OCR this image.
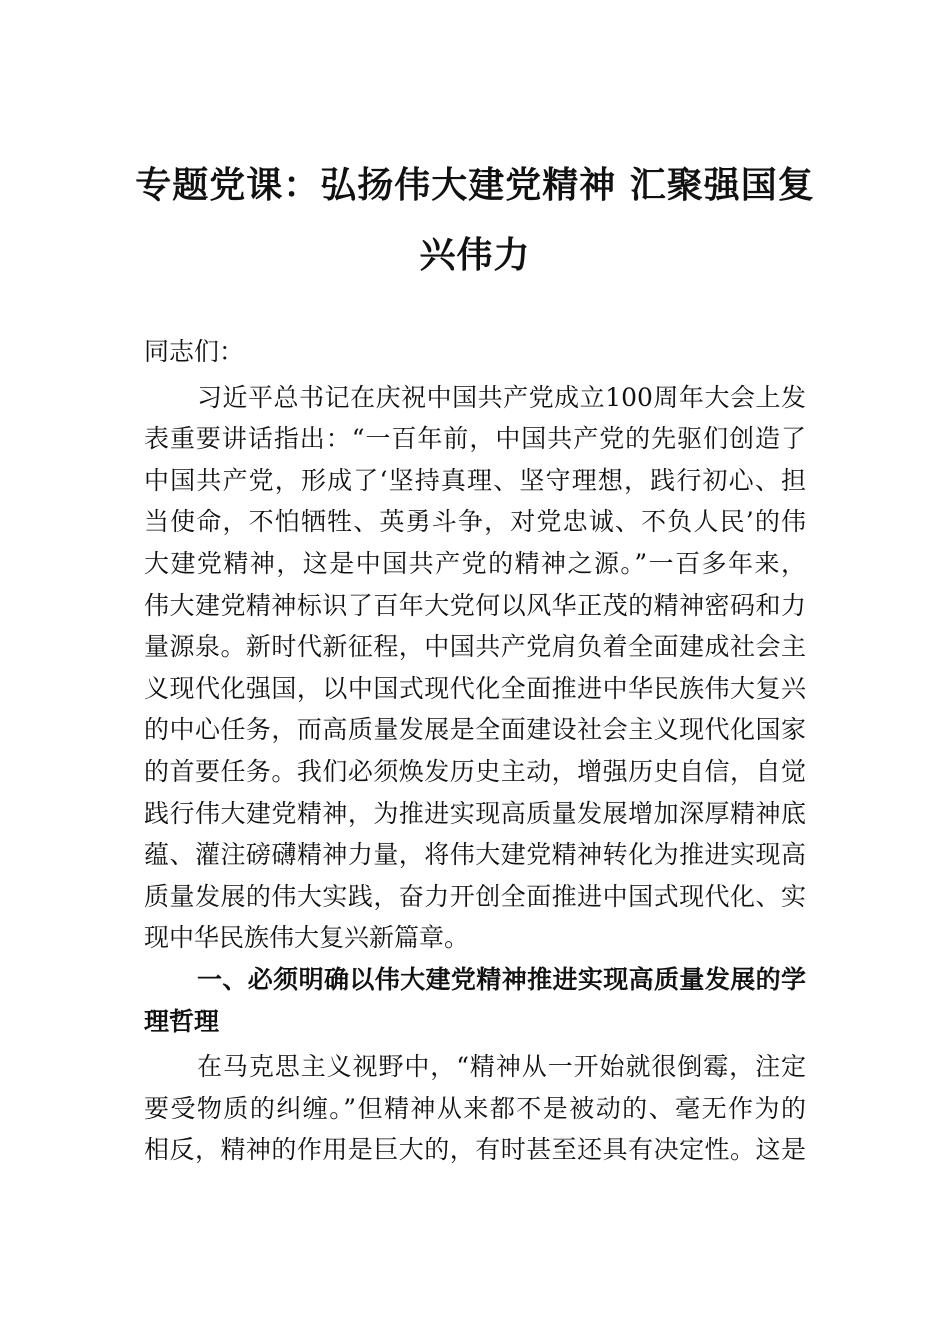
专题党课：弘扬伟大建党精神 汇聚强国复
兴伟力
同志们：
习近平总书记在庆祝中国共产党成立100周年大会上发
表重要讲话指出：“一百年前，中国共产党的先驱们创造了
中国共产党，形成了‘坚持真理、坚守理想，践行初心、担
当使命，不怕牺牲、英勇斗争，对党忠诚、不负人民’的伟
大建党精神，这是中国共产党的精神之源。”一百多年来，
伟大建党精神标识了百年大党何以风华正茂的精神密码和力
量源泉。新时代新征程，中国共产党肩负着全面建成社会主
义现代化强国，以中国式现代化全面推进中华民族伟大复兴
的中心任务，而高质量发展是全面建设社会主义现代化国家
的首要任务。我们必须焕发历史主动，增强历史自信，自觉
践行伟大建党精神，为推进实现高质量发展增加深厚精神底
蕴、灌注磅礴精神力量，将伟大建党精神转化为推进实现高
质量发展的伟大实践，奋力开创全面推进中国式现代化、实
现中华民族伟大复兴新篇章。
一、必须明确以伟大建党精神推进实现高质量发展的学
理哲理
在马克思主义视野中，“精神从一开始就很倒霉，注定
要受物质的纠缠。”但精神从来都不是被动的、毫无作为的
相反，精神的作用是巨大的，有时甚至还具有决定性。这是
